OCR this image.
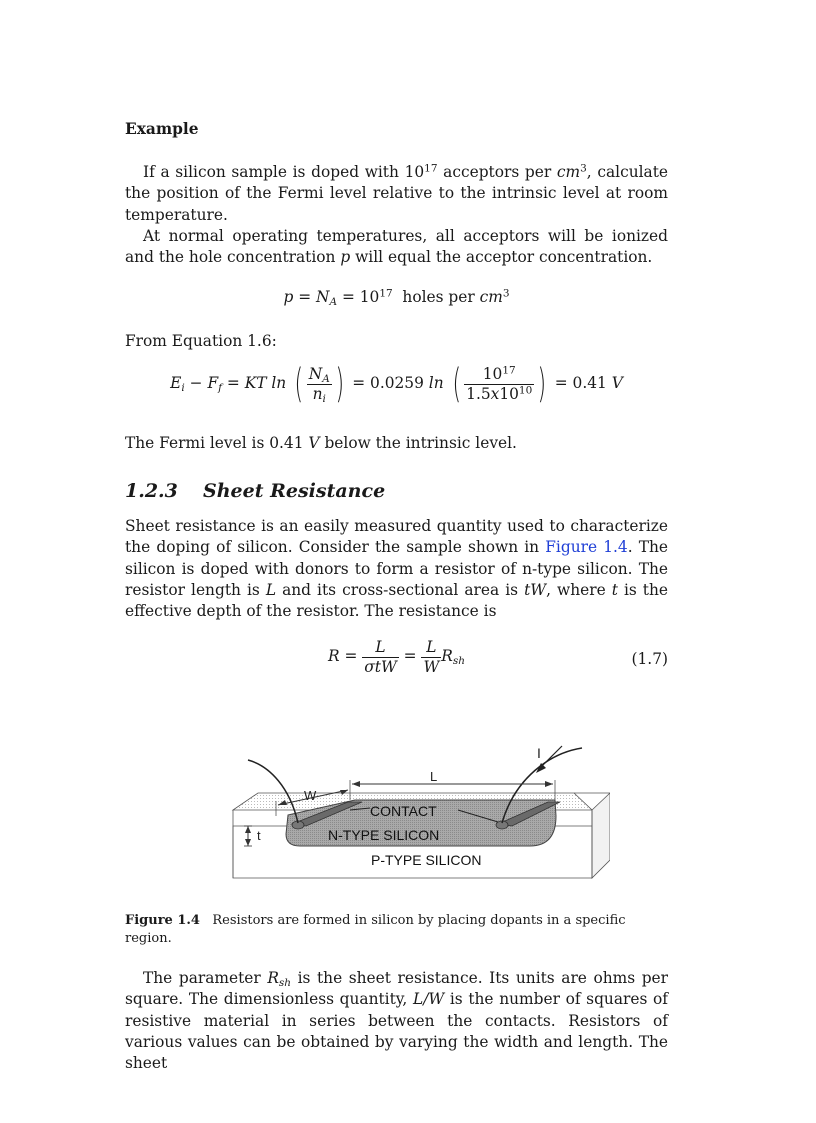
Example
If a silicon sample is doped with $10^{17}$ acceptors per $cm^3$, calculate the position of the Fermi level relative to the intrinsic level at room temperature.
At normal operating temperatures, all acceptors will be ionized and the hole concentration p will equal the acceptor concentration.
$p = N_A = 10^{17}$  holes per $cm^3$
From Equation 1.6:
$E_i - F_f$ = KT ln ( $\frac{N_A}{n_i}$ ) = 0.0259 ln ( $\frac{10^{17}}{1.5x10^{10}}$ ) = 0.41 V
The Fermi level is 0.41 V below the intrinsic level.
1.2.3 Sheet Resistance
Sheet resistance is an easily measured quantity used to characterize the doping of silicon. Consider the sample shown in Figure 1.4. The silicon is doped with donors to form a resistor of n-type silicon. The resistor length is L and its cross-sectional area is tW, where t is the effective depth of the resistor. The resistance is
$R = \frac{L}{\text{σtW}} = \frac{L}{W} R_{sh}$	(1.7)
I
L
W
t
CONTACT
N-TYPE SILICON
P-TYPE SILICON
Figure 1.4 Resistors are formed in silicon by placing dopants in a specific region.
The parameter $R_{sh}$ is the sheet resistance. Its units are ohms per square. The dimensionless quantity, L/W is the number of squares of resistive material in series between the contacts. Resistors of various values can be obtained by varying the width and length. The sheet
